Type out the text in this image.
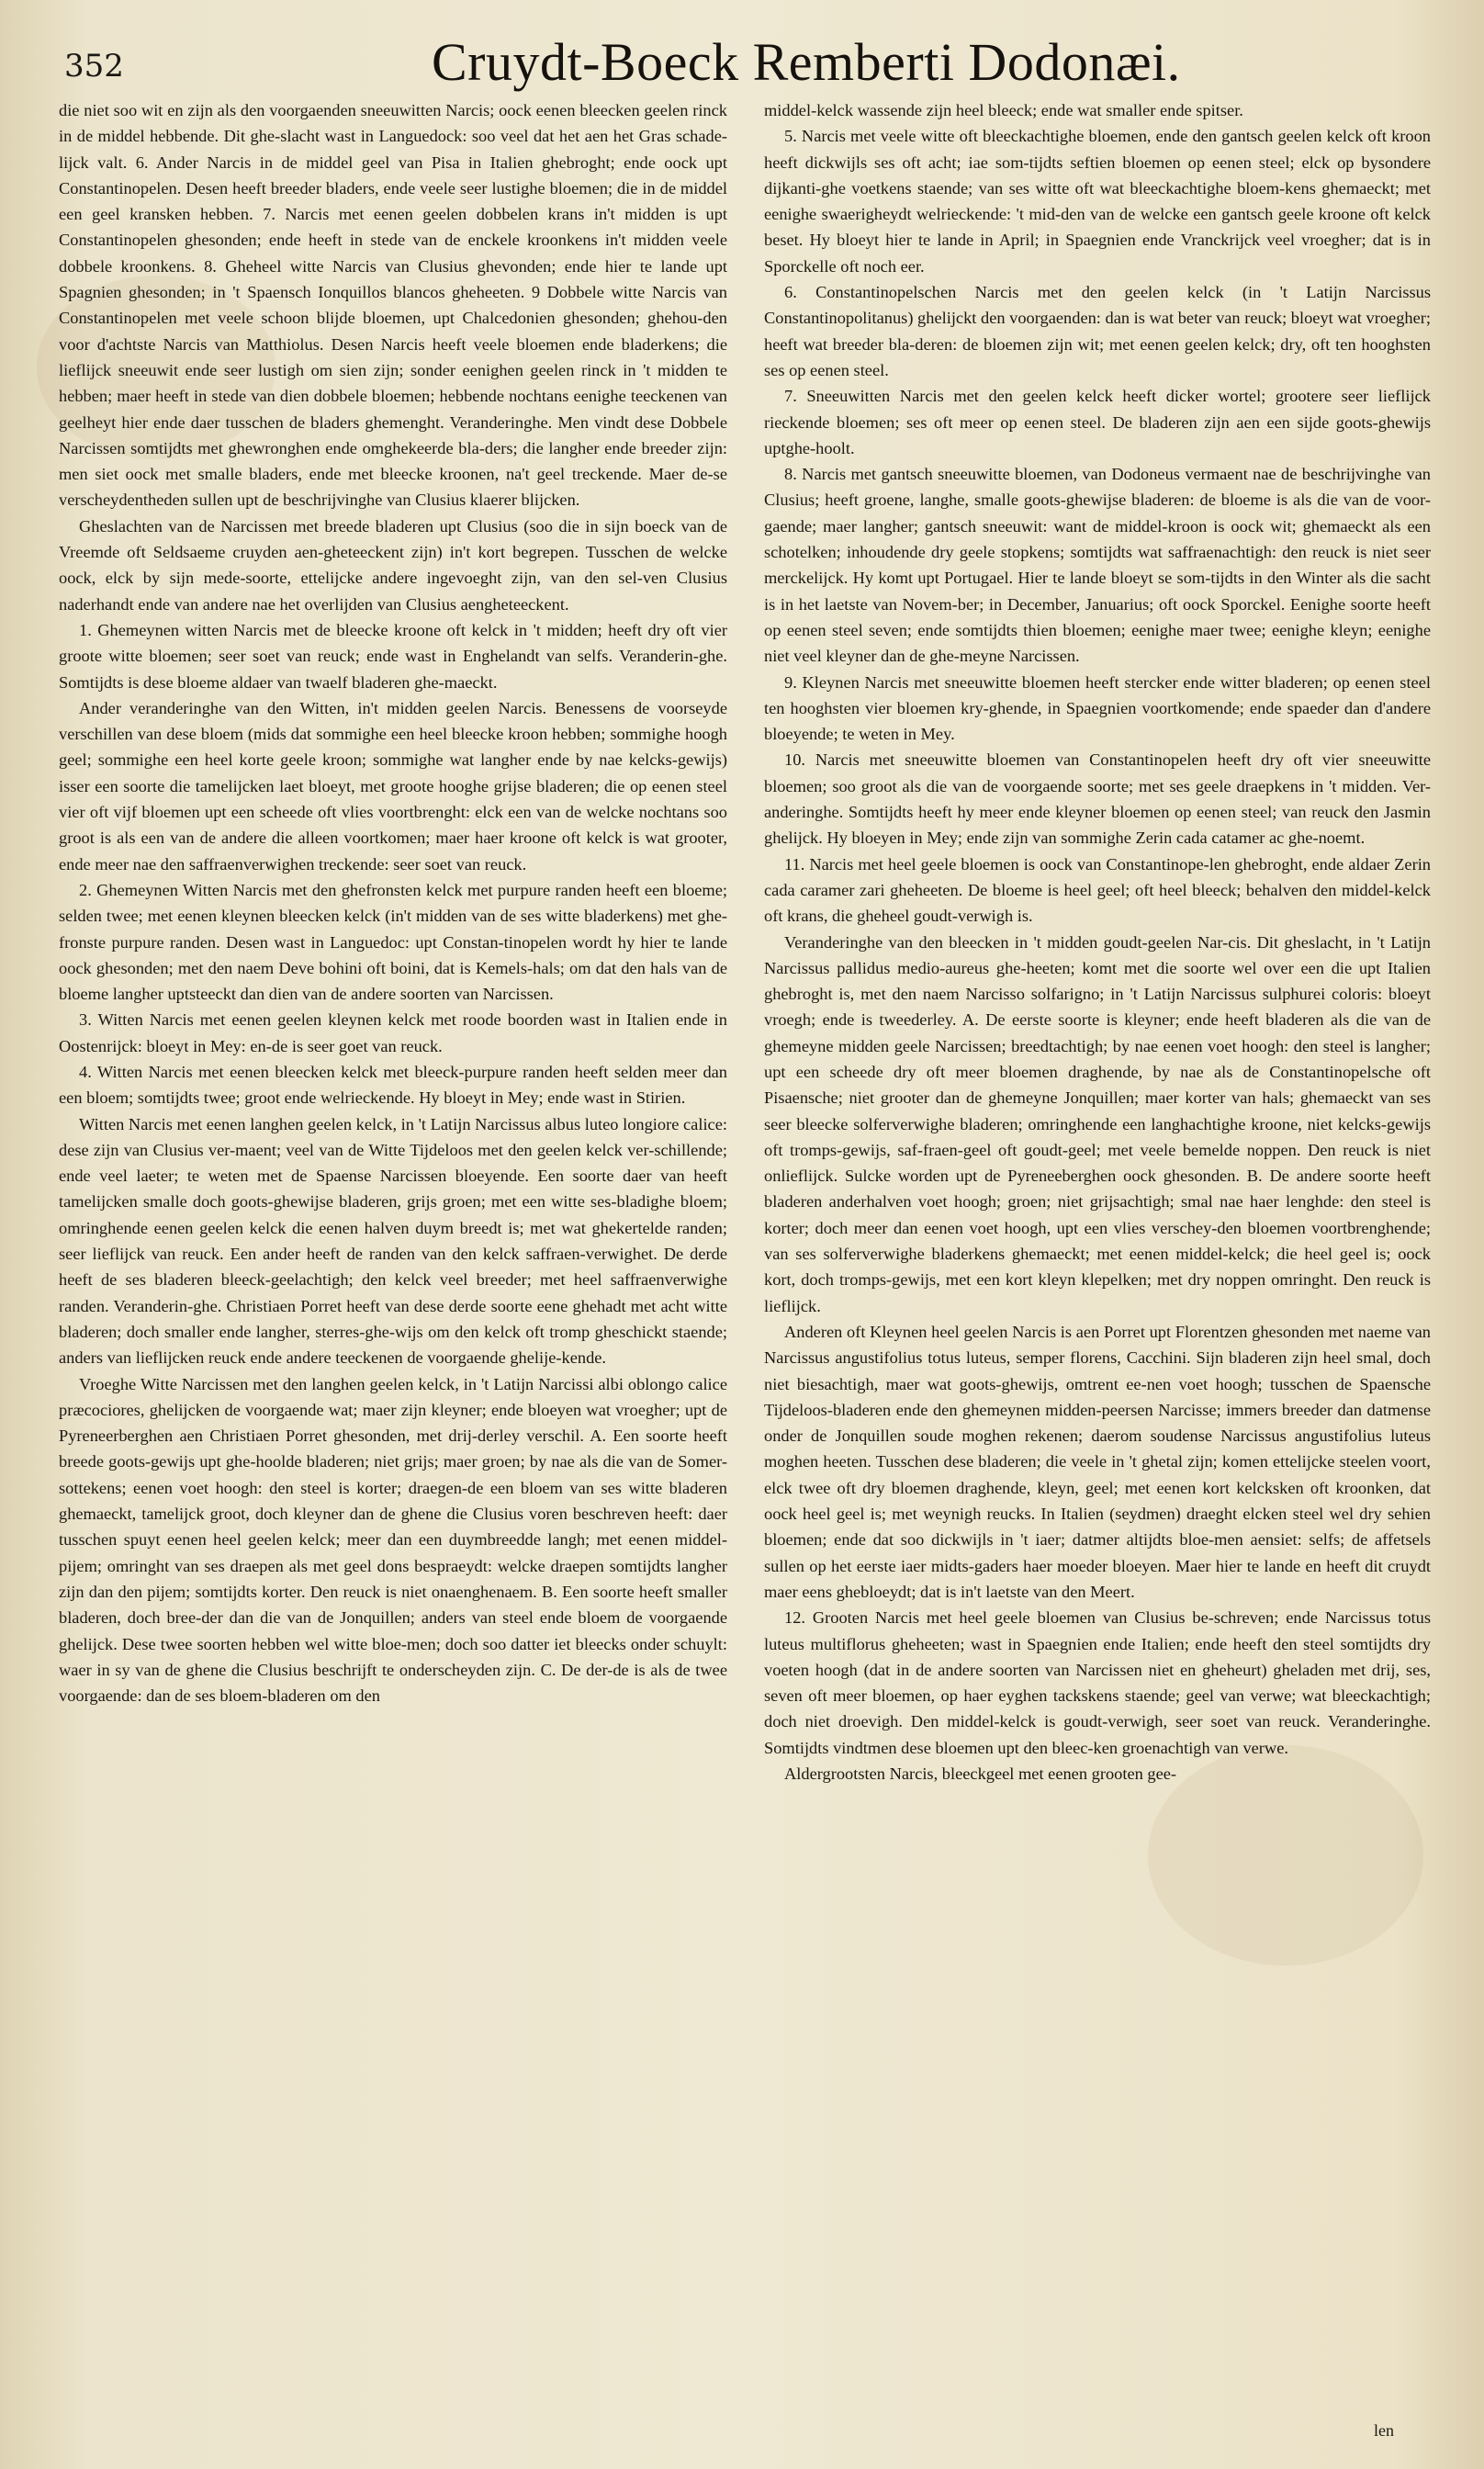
352	Cruydt-Boeck Remberti Dodonæi.

die niet soo wit en zijn als den voorgaenden sneeuwitten Narcis; oock eenen bleecken geelen rinck in de middel hebbende. Dit ghe-slacht wast in Languedock: soo veel dat het aen het Gras schade-lijck valt. 6. Ander Narcis in de middel geel van Pisa in Italien ghebroght; ende oock upt Constantinopelen. Desen heeft breeder bladers, ende veele seer lustighe bloemen; die in de middel een geel kransken hebben. 7. Narcis met eenen geelen dobbelen krans in't midden is upt Constantinopelen ghesonden; ende heeft in stede van de enckele kroonkens in't midden veele dobbele kroonkens. 8. Gheheel witte Narcis van Clusius ghevonden; ende hier te lande upt Spagnien ghesonden; in 't Spaensch Ionquillos blancos gheheeten. 9 Dobbele witte Narcis van Constantinopelen met veele schoon blijde bloemen, upt Chalcedonien ghesonden; ghehou-den voor d'achtste Narcis van Matthiolus. Desen Narcis heeft veele bloemen ende bladerkens; die lieflijck sneeuwit ende seer lustigh om sien zijn; sonder eenighen geelen rinck in 't midden te hebben; maer heeft in stede van dien dobbele bloemen; hebbende nochtans eenighe teeckenen van geelheyt hier ende daer tusschen de bladers ghemenght. Veranderinghe. Men vindt dese Dobbele Narcissen somtijdts met ghewronghen ende omghekeerde bla-ders; die langher ende breeder zijn: men siet oock met smalle bladers, ende met bleecke kroonen, na't geel treckende. Maer de-se verscheydentheden sullen upt de beschrijvinghe van Clusius klaerer blijcken.

Gheslachten van de Narcissen met breede bladeren upt Clusius (soo die in sijn boeck van de Vreemde oft Seldsaeme cruyden aen-gheteeckent zijn) in't kort begrepen. Tusschen de welcke oock, elck by sijn mede-soorte, ettelijcke andere ingevoeght zijn, van den sel-ven Clusius naderhandt ende van andere nae het overlijden van Clusius aengheteeckent.

1. Ghemeynen witten Narcis met de bleecke kroone oft kelck in 't midden; heeft dry oft vier groote witte bloemen; seer soet van reuck; ende wast in Enghelandt van selfs. Veranderin-ghe. Somtijdts is dese bloeme aldaer van twaelf bladeren ghe-maeckt.

Ander veranderinghe van den Witten, in't midden geelen Narcis. Benessens de voorseyde verschillen van dese bloem (mids dat sommighe een heel bleecke kroon hebben; sommighe hoogh geel; sommighe een heel korte geele kroon; sommighe wat langher ende by nae kelcks-gewijs) isser een soorte die tamelijcken laet bloeyt, met groote hooghe grijse bladeren; die op eenen steel vier oft vijf bloemen upt een scheede oft vlies voortbrenght: elck een van de welcke nochtans soo groot is als een van de andere die alleen voortkomen; maer haer kroone oft kelck is wat grooter, ende meer nae den saffraenverwighen treckende: seer soet van reuck.

2. Ghemeynen Witten Narcis met den ghefronsten kelck met purpure randen heeft een bloeme; selden twee; met eenen kleynen bleecken kelck (in't midden van de ses witte bladerkens) met ghe-fronste purpure randen. Desen wast in Languedoc: upt Constan-tinopelen wordt hy hier te lande oock ghesonden; met den naem Deve bohini oft boini, dat is Kemels-hals; om dat den hals van de bloeme langher uptsteeckt dan dien van de andere soorten van Narcissen.

3. Witten Narcis met eenen geelen kleynen kelck met roode boorden wast in Italien ende in Oostenrijck: bloeyt in Mey: en-de is seer goet van reuck.

4. Witten Narcis met eenen bleecken kelck met bleeck-purpure randen heeft selden meer dan een bloem; somtijdts twee; groot ende welrieckende. Hy bloeyt in Mey; ende wast in Stirien.

Witten Narcis met eenen langhen geelen kelck, in 't Latijn Narcissus albus luteo longiore calice: dese zijn van Clusius ver-maent; veel van de Witte Tijdeloos met den geelen kelck ver-schillende; ende veel laeter; te weten met de Spaense Narcissen bloeyende. Een soorte daer van heeft tamelijcken smalle doch goots-ghewijse bladeren, grijs groen; met een witte ses-bladighe bloem; omringhende eenen geelen kelck die eenen halven duym breedt is; met wat ghekertelde randen; seer lieflijck van reuck. Een ander heeft de randen van den kelck saffraen-verwighet. De derde heeft de ses bladeren bleeck-geelachtigh; den kelck veel breeder; met heel saffraenverwighe randen. Veranderin-ghe. Christiaen Porret heeft van dese derde soorte eene ghehadt met acht witte bladeren; doch smaller ende langher, sterres-ghe-wijs om den kelck oft tromp gheschickt staende; anders van lieflijcken reuck ende andere teeckenen de voorgaende ghelije-kende.

Vroeghe Witte Narcissen met den langhen geelen kelck, in 't Latijn Narcissi albi oblongo calice præcociores, ghelijcken de voorgaende wat; maer zijn kleyner; ende bloeyen wat vroegher; upt de Pyreneerberghen aen Christiaen Porret ghesonden, met drij-derley verschil. A. Een soorte heeft breede goots-gewijs upt ghe-hoolde bladeren; niet grijs; maer groen; by nae als die van de Somer-sottekens; eenen voet hoogh: den steel is korter; draegen-de een bloem van ses witte bladeren ghemaeckt, tamelijck groot, doch kleyner dan de ghene die Clusius voren beschreven heeft: daer tusschen spuyt eenen heel geelen kelck; meer dan een duymbreedde langh; met eenen middel-pijem; omringht van ses draepen als met geel dons bespraeydt: welcke draepen somtijdts langher zijn dan den pijem; somtijdts korter. Den reuck is niet onaenghenaem. B. Een soorte heeft smaller bladeren, doch bree-der dan die van de Jonquillen; anders van steel ende bloem de voorgaende ghelijck. Dese twee soorten hebben wel witte bloe-men; doch soo datter iet bleecks onder schuylt: waer in sy van de ghene die Clusius beschrijft te onderscheyden zijn. C. De der-de is als de twee voorgaende: dan de ses bloem-bladeren om den

middel-kelck wassende zijn heel bleeck; ende wat smaller ende spitser.

5. Narcis met veele witte oft bleeckachtighe bloemen, ende den gantsch geelen kelck oft kroon heeft dickwijls ses oft acht; iae som-tijdts seftien bloemen op eenen steel; elck op bysondere dijkanti-ghe voetkens staende; van ses witte oft wat bleeckachtighe bloem-kens ghemaeckt; met eenighe swaerigheydt welrieckende: 't mid-den van de welcke een gantsch geele kroone oft kelck beset. Hy bloeyt hier te lande in April; in Spaegnien ende Vranckrijck veel vroegher; dat is in Sporckelle oft noch eer.

6. Constantinopelschen Narcis met den geelen kelck (in 't Latijn Narcissus Constantinopolitanus) ghelijckt den voorgaenden: dan is wat beter van reuck; bloeyt wat vroegher; heeft wat breeder bla-deren: de bloemen zijn wit; met eenen geelen kelck; dry, oft ten hooghsten ses op eenen steel.

7. Sneeuwitten Narcis met den geelen kelck heeft dicker wortel; grootere seer lieflijck rieckende bloemen; ses oft meer op eenen steel. De bladeren zijn aen een sijde goots-ghewijs uptghe-hoolt.

8. Narcis met gantsch sneeuwitte bloemen, van Dodoneus vermaent nae de beschrijvinghe van Clusius; heeft groene, langhe, smalle goots-ghewijse bladeren: de bloeme is als die van de voor-gaende; maer langher; gantsch sneeuwit: want de middel-kroon is oock wit; ghemaeckt als een schotelken; inhoudende dry geele stopkens; somtijdts wat saffraenachtigh: den reuck is niet seer merckelijck. Hy komt upt Portugael. Hier te lande bloeyt se som-tijdts in den Winter als die sacht is in het laetste van Novem-ber; in December, Januarius; oft oock Sporckel. Eenighe soorte heeft op eenen steel seven; ende somtijdts thien bloemen; eenighe maer twee; eenighe kleyn; eenighe niet veel kleyner dan de ghe-meyne Narcissen.

9. Kleynen Narcis met sneeuwitte bloemen heeft stercker ende witter bladeren; op eenen steel ten hooghsten vier bloemen kry-ghende, in Spaegnien voortkomende; ende spaeder dan d'andere bloeyende; te weten in Mey.

10. Narcis met sneeuwitte bloemen van Constantinopelen heeft dry oft vier sneeuwitte bloemen; soo groot als die van de voorgaende soorte; met ses geele draepkens in 't midden. Ver-anderinghe. Somtijdts heeft hy meer ende kleyner bloemen op eenen steel; van reuck den Jasmin ghelijck. Hy bloeyen in Mey; ende zijn van sommighe Zerin cada catamer ac ghe-noemt.

11. Narcis met heel geele bloemen is oock van Constantinope-len ghebroght, ende aldaer Zerin cada caramer zari gheheeten. De bloeme is heel geel; oft heel bleeck; behalven den middel-kelck oft krans, die gheheel goudt-verwigh is.

Veranderinghe van den bleecken in 't midden goudt-geelen Nar-cis. Dit gheslacht, in 't Latijn Narcissus pallidus medio-aureus ghe-heeten; komt met die soorte wel over een die upt Italien ghebroght is, met den naem Narcisso solfarigno; in 't Latijn Narcissus sulphurei coloris: bloeyt vroegh; ende is tweederley. A. De eerste soorte is kleyner; ende heeft bladeren als die van de ghemeyne midden geele Narcissen; breedtachtigh; by nae eenen voet hoogh: den steel is langher; upt een scheede dry oft meer bloemen draghende, by nae als de Constantinopelsche oft Pisaensche; niet grooter dan de ghemeyne Jonquillen; maer korter van hals; ghemaeckt van ses seer bleecke solferverwighe bladeren; omringhende een langhachtighe kroone, niet kelcks-gewijs oft tromps-gewijs, saf-fraen-geel oft goudt-geel; met veele bemelde noppen. Den reuck is niet onlieflijck. Sulcke worden upt de Pyreneeberghen oock ghesonden. B. De andere soorte heeft bladeren anderhalven voet hoogh; groen; niet grijsachtigh; smal nae haer lenghde: den steel is korter; doch meer dan eenen voet hoogh, upt een vlies verschey-den bloemen voortbrenghende; van ses solferverwighe bladerkens ghemaeckt; met eenen middel-kelck; die heel geel is; oock kort, doch tromps-gewijs, met een kort kleyn klepelken; met dry noppen omringht. Den reuck is lieflijck.

Anderen oft Kleynen heel geelen Narcis is aen Porret upt Florentzen ghesonden met naeme van Narcissus angustifolius totus luteus, semper florens, Cacchini. Sijn bladeren zijn heel smal, doch niet biesachtigh, maer wat goots-ghewijs, omtrent ee-nen voet hoogh; tusschen de Spaensche Tijdeloos-bladeren ende den ghemeynen midden-peersen Narcisse; immers breeder dan datmense onder de Jonquillen soude moghen rekenen; daerom soudense Narcissus angustifolius luteus moghen heeten. Tusschen dese bladeren; die veele in 't ghetal zijn; komen ettelijcke steelen voort, elck twee oft dry bloemen draghende, kleyn, geel; met eenen kort kelcksken oft kroonken, dat oock heel geel is; met weynigh reucks. In Italien (seydmen) draeght elcken steel wel dry sehien bloemen; ende dat soo dickwijls in 't iaer; datmer altijdts bloe-men aensiet: selfs; de affetsels sullen op het eerste iaer midts-gaders haer moeder bloeyen. Maer hier te lande en heeft dit cruydt maer eens ghebloeydt; dat is in't laetste van den Meert.

12. Grooten Narcis met heel geele bloemen van Clusius be-schreven; ende Narcissus totus luteus multiflorus gheheeten; wast in Spaegnien ende Italien; ende heeft den steel somtijdts dry voeten hoogh (dat in de andere soorten van Narcissen niet en gheheurt) gheladen met drij, ses, seven oft meer bloemen, op haer eyghen tackskens staende; geel van verwe; wat bleeckachtigh; doch niet droevigh. Den middel-kelck is goudt-verwigh, seer soet van reuck. Veranderinghe. Somtijdts vindtmen dese bloemen upt den bleec-ken groenachtigh van verwe.

Aldergrootsten Narcis, bleeckgeel met eenen grooten gee-

len
